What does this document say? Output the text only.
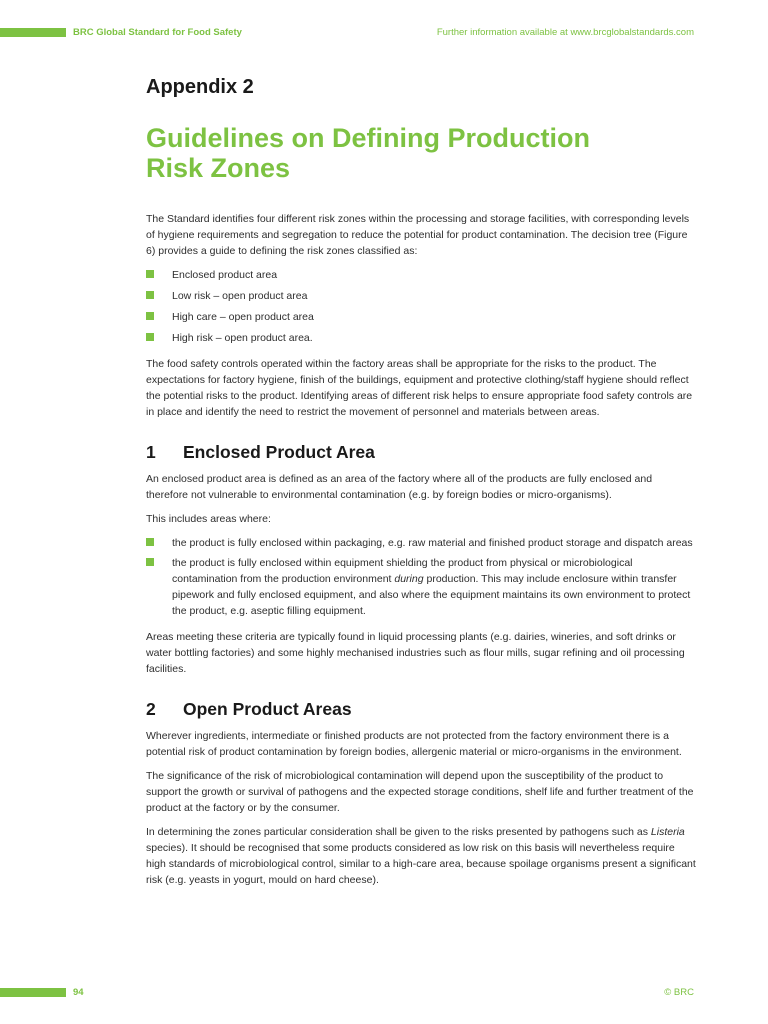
BRC Global Standard for Food Safety	Further information available at www.brcglobalstandards.com
Appendix 2
Guidelines on Defining Production
Risk Zones

The Standard identifies four different risk zones within the processing and storage facilities, with corresponding levels of hygiene requirements and segregation to reduce the potential for product contamination. The decision tree (Figure 6) provides a guide to defining the risk zones classified as:

Enclosed product area
Low risk – open product area
High care – open product area
High risk – open product area.

The food safety controls operated within the factory areas shall be appropriate for the risks to the product. The expectations for factory hygiene, finish of the buildings, equipment and protective clothing/staff hygiene should reflect the potential risks to the product. Identifying areas of different risk helps to ensure appropriate food safety controls are in place and identify the need to restrict the movement of personnel and materials between areas.

1 Enclosed Product Area

An enclosed product area is defined as an area of the factory where all of the products are fully enclosed and therefore not vulnerable to environmental contamination (e.g. by foreign bodies or micro-organisms).

This includes areas where:

the product is fully enclosed within packaging, e.g. raw material and finished product storage and dispatch areas
the product is fully enclosed within equipment shielding the product from physical or microbiological contamination from the production environment during production. This may include enclosure within transfer pipework and fully enclosed equipment, and also where the equipment maintains its own environment to protect the product, e.g. aseptic filling equipment.

Areas meeting these criteria are typically found in liquid processing plants (e.g. dairies, wineries, and soft drinks or water bottling factories) and some highly mechanised industries such as flour mills, sugar refining and oil processing facilities.

2 Open Product Areas

Wherever ingredients, intermediate or finished products are not protected from the factory environment there is a potential risk of product contamination by foreign bodies, allergenic material or micro-organisms in the environment.

The significance of the risk of microbiological contamination will depend upon the susceptibility of the product to support the growth or survival of pathogens and the expected storage conditions, shelf life and further treatment of the product at the factory or by the consumer.

In determining the zones particular consideration shall be given to the risks presented by pathogens such as Listeria species). It should be recognised that some products considered as low risk on this basis will nevertheless require high standards of microbiological control, similar to a high-care area, because spoilage organisms present a significant risk (e.g. yeasts in yogurt, mould on hard cheese).

94	© BRC
